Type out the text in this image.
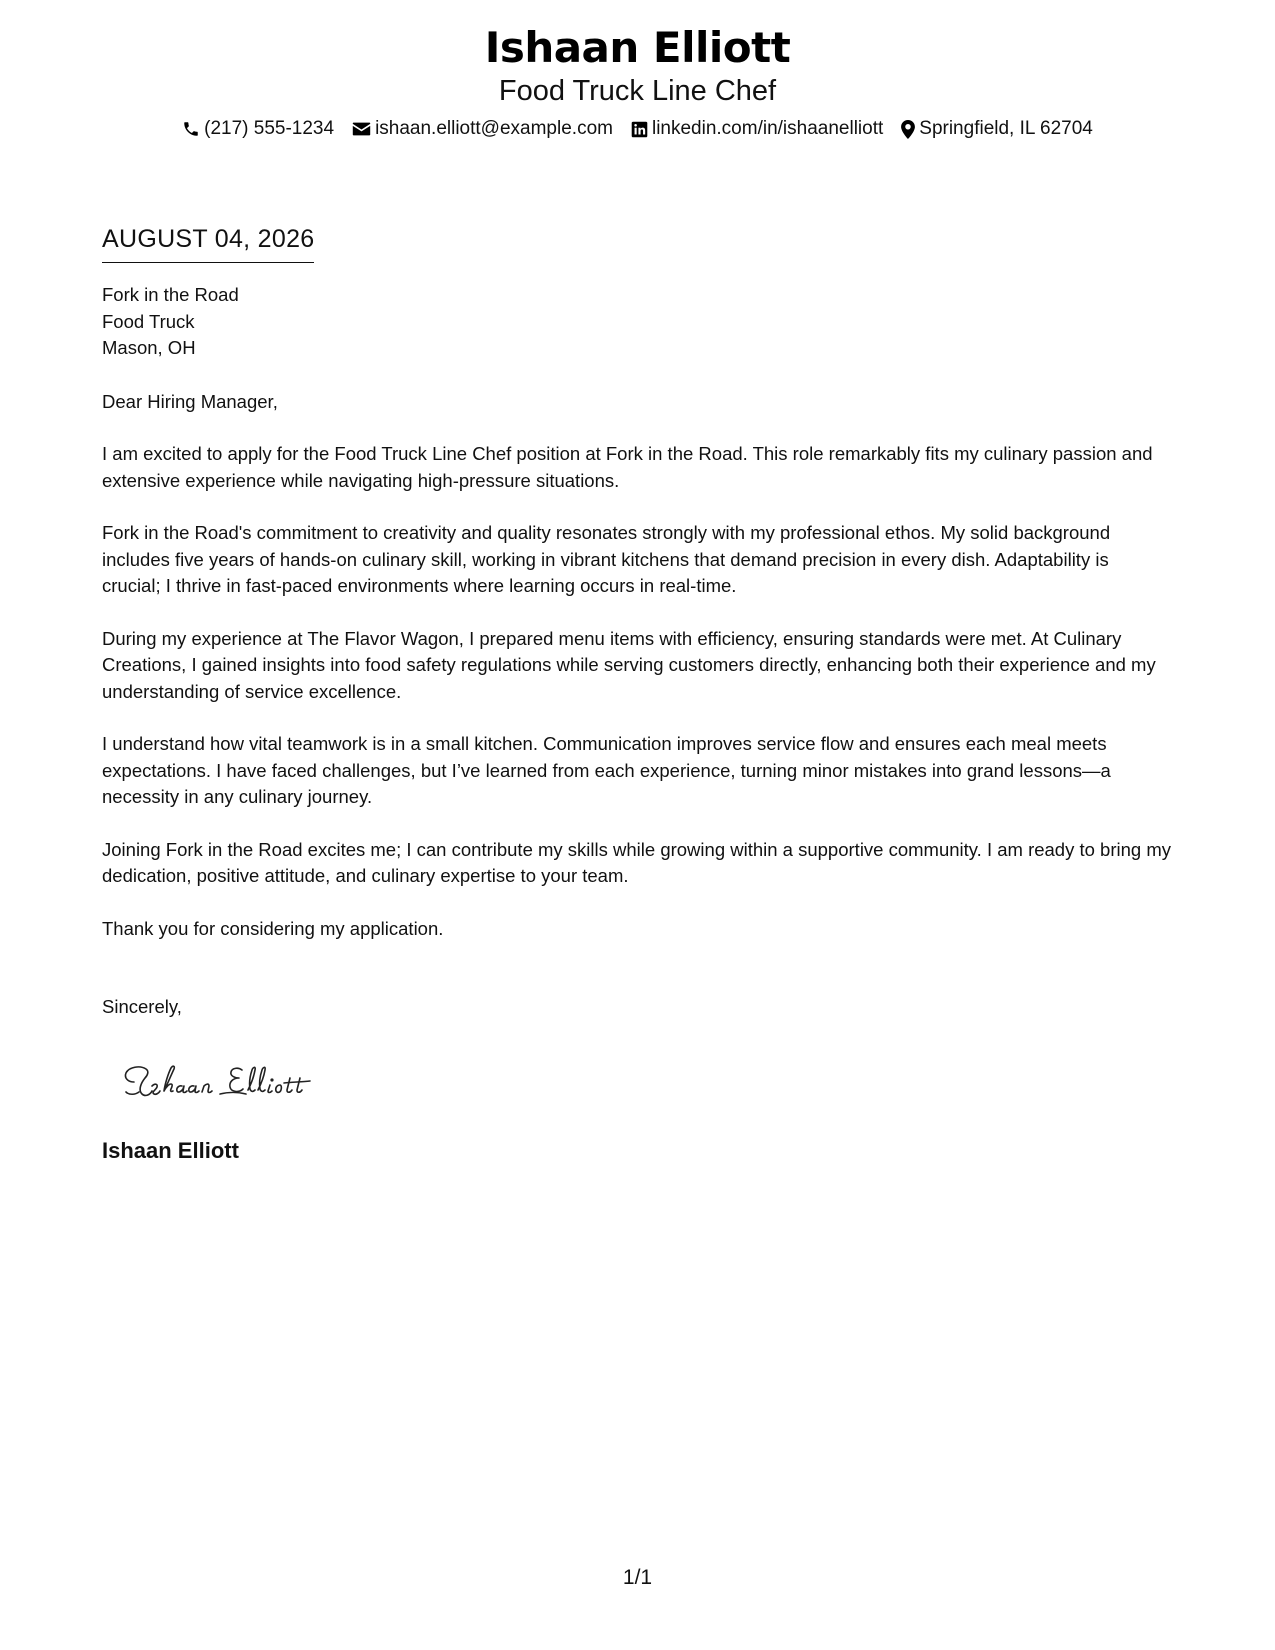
Ishaan Elliott
Food Truck Line Chef
(217) 555-1234 ishaan.elliott@example.com linkedin.com/in/ishaanelliott Springfield, IL 62704
AUGUST 04, 2026
Fork in the Road
Food Truck
Mason, OH
Dear Hiring Manager,

I am excited to apply for the Food Truck Line Chef position at Fork in the Road. This role remarkably fits my culinary passion and extensive experience while navigating high-pressure situations.

Fork in the Road's commitment to creativity and quality resonates strongly with my professional ethos. My solid background includes five years of hands-on culinary skill, working in vibrant kitchens that demand precision in every dish. Adaptability is crucial; I thrive in fast-paced environments where learning occurs in real-time.

During my experience at The Flavor Wagon, I prepared menu items with efficiency, ensuring standards were met. At Culinary Creations, I gained insights into food safety regulations while serving customers directly, enhancing both their experience and my understanding of service excellence.

I understand how vital teamwork is in a small kitchen. Communication improves service flow and ensures each meal meets expectations. I have faced challenges, but I’ve learned from each experience, turning minor mistakes into grand lessons—a necessity in any culinary journey.

Joining Fork in the Road excites me; I can contribute my skills while growing within a supportive community. I am ready to bring my dedication, positive attitude, and culinary expertise to your team.

Thank you for considering my application.

Sincerely,
Ishaan Elliott
1/1
